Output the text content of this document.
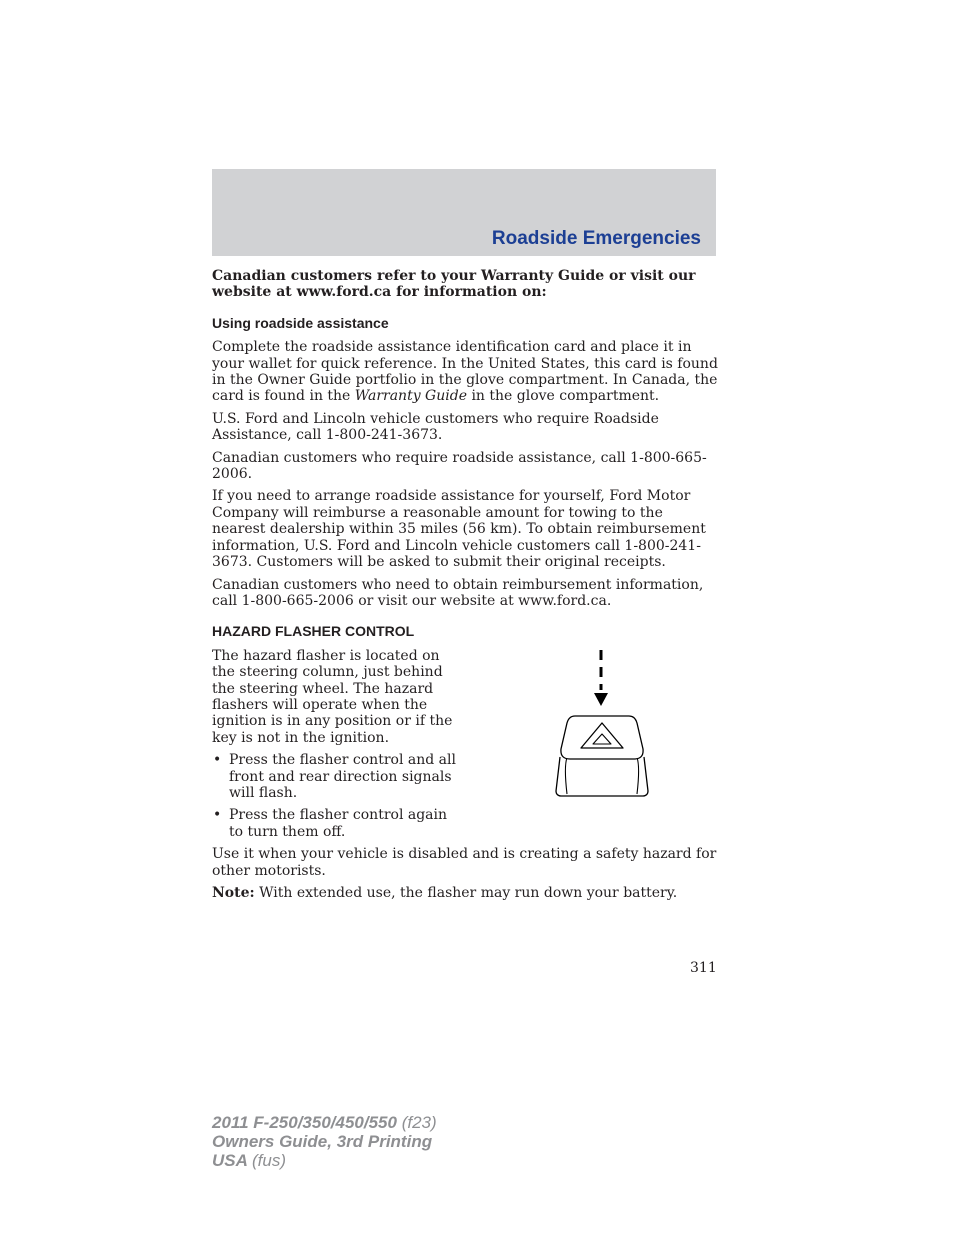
Roadside Emergencies

Canadian customers refer to your Warranty Guide or visit our website at www.ford.ca for information on:

Using roadside assistance

Complete the roadside assistance identification card and place it in your wallet for quick reference. In the United States, this card is found in the Owner Guide portfolio in the glove compartment. In Canada, the card is found in the Warranty Guide in the glove compartment.

U.S. Ford and Lincoln vehicle customers who require Roadside Assistance, call 1-800-241-3673.

Canadian customers who require roadside assistance, call 1-800-665-2006.

If you need to arrange roadside assistance for yourself, Ford Motor Company will reimburse a reasonable amount for towing to the nearest dealership within 35 miles (56 km). To obtain reimbursement information, U.S. Ford and Lincoln vehicle customers call 1-800-241-3673. Customers will be asked to submit their original receipts.

Canadian customers who need to obtain reimbursement information, call 1-800-665-2006 or visit our website at www.ford.ca.

HAZARD FLASHER CONTROL

The hazard flasher is located on the steering column, just behind the steering wheel. The hazard flashers will operate when the ignition is in any position or if the key is not in the ignition.

• Press the flasher control and all front and rear direction signals will flash.
• Press the flasher control again to turn them off.

Use it when your vehicle is disabled and is creating a safety hazard for other motorists.

Note: With extended use, the flasher may run down your battery.

311
2011 F-250/350/450/550 (f23)
Owners Guide, 3rd Printing
USA (fus)
